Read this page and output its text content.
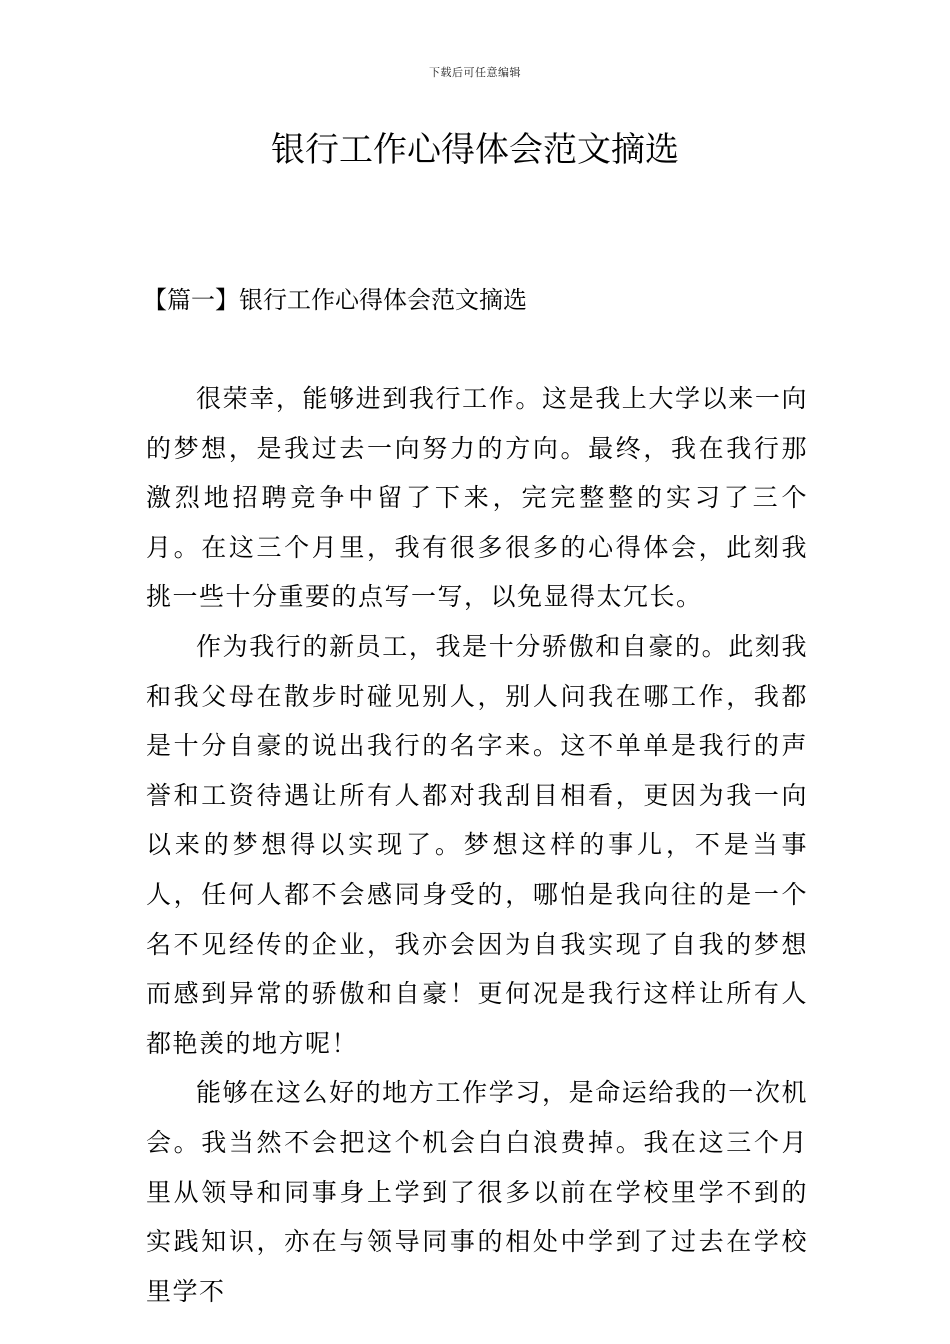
下载后可任意编辑
银行工作心得体会范文摘选
【篇一】银行工作心得体会范文摘选

很荣幸，能够进到我行工作。这是我上大学以来一向的梦想，是我过去一向努力的方向。最终，我在我行那激烈地招聘竞争中留了下来，完完整整的实习了三个月。在这三个月里，我有很多很多的心得体会，此刻我挑一些十分重要的点写一写，以免显得太冗长。

作为我行的新员工，我是十分骄傲和自豪的。此刻我和我父母在散步时碰见别人，别人问我在哪工作，我都是十分自豪的说出我行的名字来。这不单单是我行的声誉和工资待遇让所有人都对我刮目相看，更因为我一向以来的梦想得以实现了。梦想这样的事儿，不是当事人，任何人都不会感同身受的，哪怕是我向往的是一个名不见经传的企业，我亦会因为自我实现了自我的梦想而感到异常的骄傲和自豪！更何况是我行这样让所有人都艳羡的地方呢！

能够在这么好的地方工作学习，是命运给我的一次机会。我当然不会把这个机会白白浪费掉。我在这三个月里从领导和同事身上学到了很多以前在学校里学不到的实践知识，亦在与领导同事的相处中学到了过去在学校里学不
